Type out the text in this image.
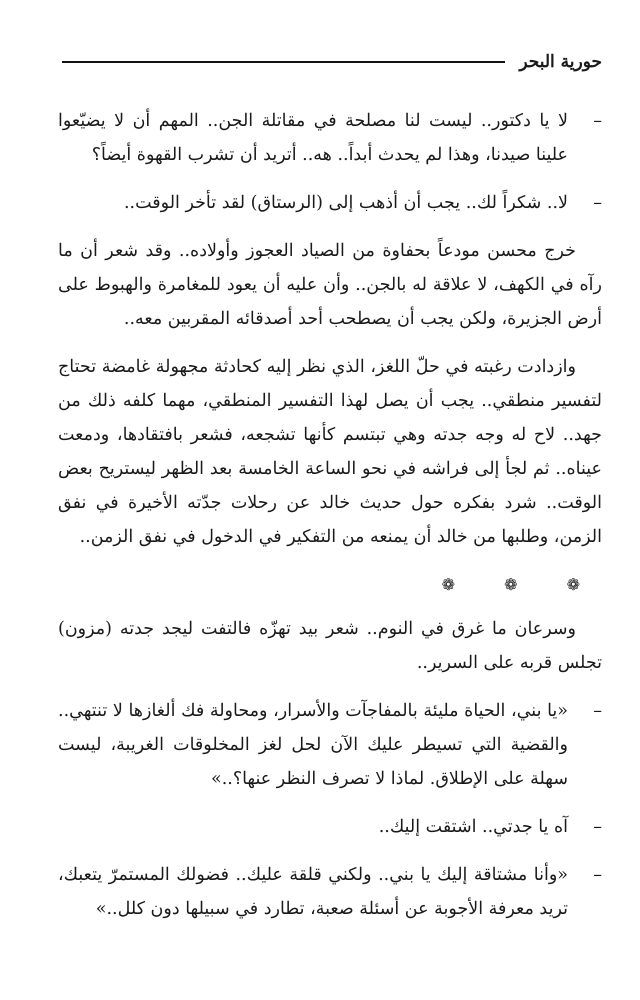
حورية البحر
–
لا يا دكتور.. ليست لنا مصلحة في مقاتلة الجن.. المهم أن لا يضيّعوا علينا صيدنا، وهذا لم يحدث أبداً.. هه.. أتريد أن تشرب القهوة أيضاً؟
–
لا.. شكراً لك.. يجب أن أذهب إلى (الرستاق) لقد تأخر الوقت..

خرج محسن مودعاً بحفاوة من الصياد العجوز وأولاده.. وقد شعر أن ما رآه في الكهف، لا علاقة له بالجن.. وأن عليه أن يعود للمغامرة والهبوط على أرض الجزيرة، ولكن يجب أن يصطحب أحد أصدقائه المقربين معه..

وازدادت رغبته في حلّ اللغز، الذي نظر إليه كحادثة مجهولة غامضة تحتاج لتفسير منطقي.. يجب أن يصل لهذا التفسير المنطقي، مهما كلفه ذلك من جهد.. لاح له وجه جدته وهي تبتسم كأنها تشجعه، فشعر بافتقادها، ودمعت عيناه.. ثم لجأ إلى فراشه في نحو الساعة الخامسة بعد الظهر ليستريح بعض الوقت.. شرد بفكره حول حديث خالد عن رحلات جدّته الأخيرة في نفق الزمن، وطلبها من خالد أن يمنعه من التفكير في الدخول في نفق الزمن..

❁ ❁ ❁

وسرعان ما غرق في النوم.. شعر بيد تهزّه فالتفت ليجد جدته (مزون) تجلس قربه على السرير..

–
«يا بني، الحياة مليئة بالمفاجآت والأسرار، ومحاولة فك ألغازها لا تنتهي.. والقضية التي تسيطر عليك الآن لحل لغز المخلوقات الغريبة، ليست سهلة على الإطلاق. لماذا لا تصرف النظر عنها؟..»
–
آه يا جدتي.. اشتقت إليك..
–
«وأنا مشتاقة إليك يا بني.. ولكني قلقة عليك.. فضولك المستمرّ يتعبك، تريد معرفة الأجوبة عن أسئلة صعبة، تطارد في سبيلها دون كلل..»
